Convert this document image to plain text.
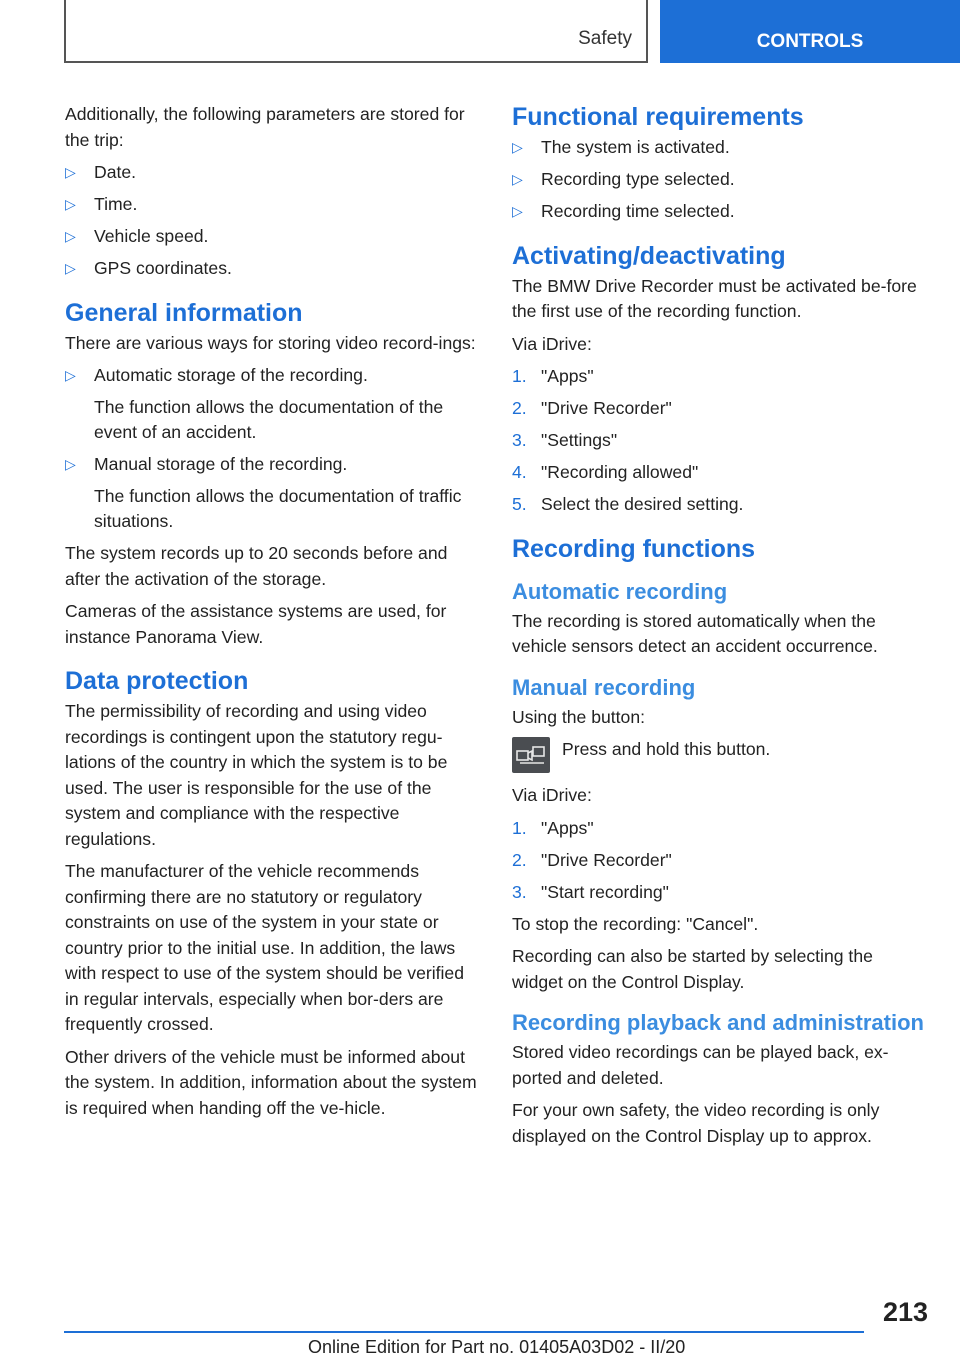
Safety	CONTROLS

Additionally, the following parameters are stored for the trip:

▷ Date.
▷ Time.
▷ Vehicle speed.
▷ GPS coordinates.
General information

There are various ways for storing video record-ings:

▷ Automatic storage of the recording.
The function allows the documentation of the event of an accident.
▷ Manual storage of the recording.
The function allows the documentation of traffic situations.

The system records up to 20 seconds before and after the activation of the storage.

Cameras of the assistance systems are used, for instance Panorama View.

Data protection

The permissibility of recording and using video recordings is contingent upon the statutory regu-lations of the country in which the system is to be used. The user is responsible for the use of the system and compliance with the respective regulations.

The manufacturer of the vehicle recommends confirming there are no statutory or regulatory constraints on use of the system in your state or country prior to the initial use. In addition, the laws with respect to use of the system should be verified in regular intervals, especially when bor-ders are frequently crossed.

Other drivers of the vehicle must be informed about the system. In addition, information about the system is required when handing off the ve-hicle.

Functional requirements
▷ The system is activated.
▷ Recording type selected.
▷ Recording time selected.
Activating/deactivating

The BMW Drive Recorder must be activated be-fore the first use of the recording function.

Via iDrive:

1. "Apps"
2. "Drive Recorder"
3. "Settings"
4. "Recording allowed"
5. Select the desired setting.
Recording functions
Automatic recording

The recording is stored automatically when the vehicle sensors detect an accident occurrence.

Manual recording

Using the button:

Press and hold this button.

Via iDrive:

1. "Apps"
2. "Drive Recorder"
3. "Start recording"

To stop the recording: "Cancel".

Recording can also be started by selecting the widget on the Control Display.

Recording playback and administration

Stored video recordings can be played back, ex-ported and deleted.

For your own safety, the video recording is only displayed on the Control Display up to approx.

213
Online Edition for Part no. 01405A03D02 - II/20
